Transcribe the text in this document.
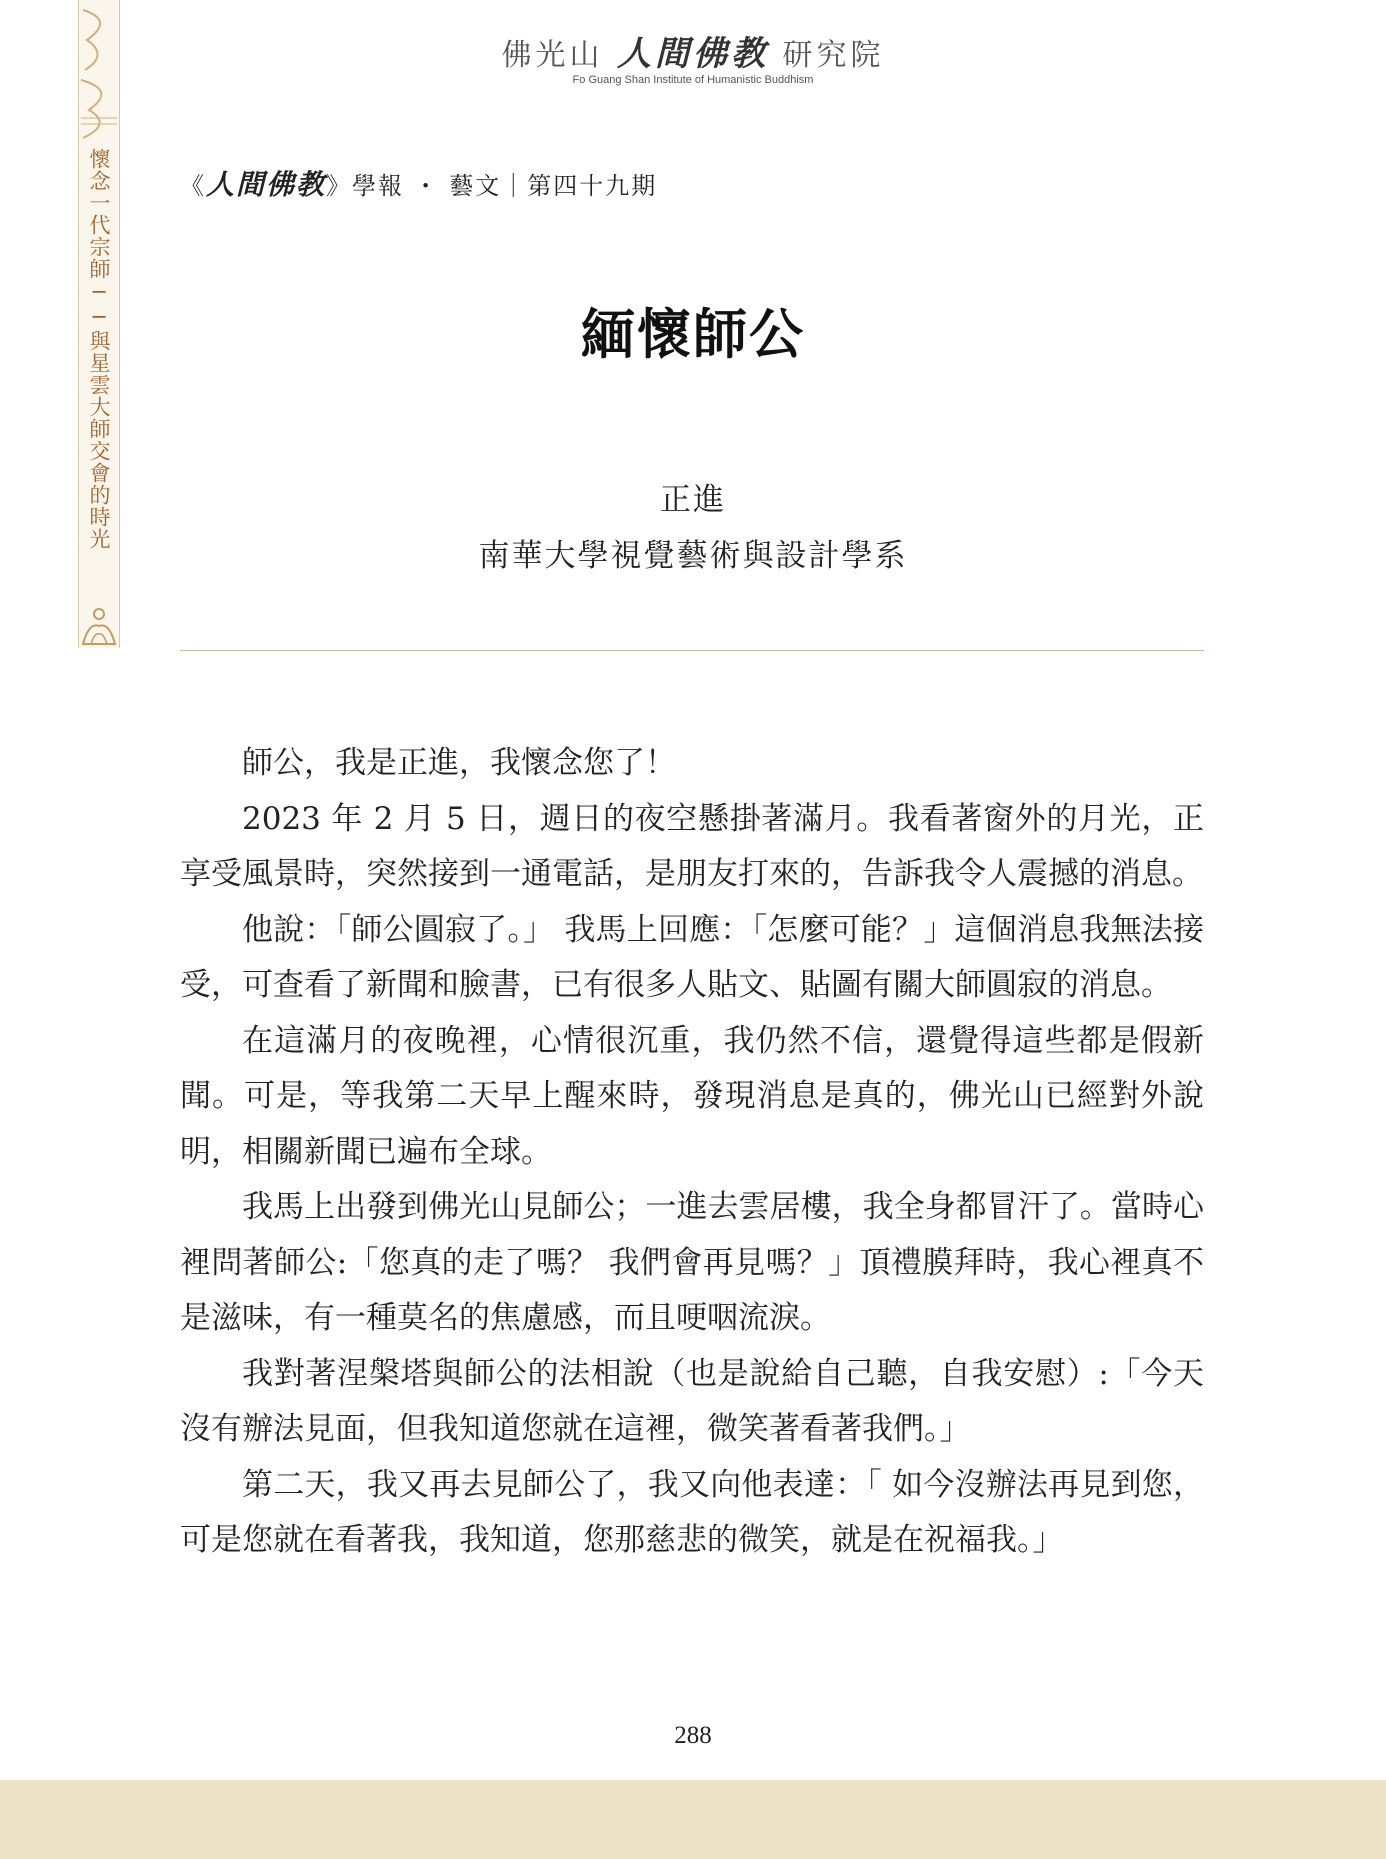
懷念一代宗師──與星雲大師交會的時光
佛光山 人間佛教 研究院
Fo Guang Shan Institute of Humanistic Buddhism
《人間佛教》學報 ・ 藝文｜第四十九期
緬懷師公
正進
南華大學視覺藝術與設計學系

師公，我是正進，我懷念您了！

2023 年 2 月 5 日，週日的夜空懸掛著滿月。我看著窗外的月光，正享受風景時，突然接到一通電話，是朋友打來的，告訴我令人震撼的消息。

他說：「師公圓寂了。」 我馬上回應：「怎麼可能？」這個消息我無法接受，可查看了新聞和臉書，已有很多人貼文、貼圖有關大師圓寂的消息。

在這滿月的夜晚裡，心情很沉重，我仍然不信，還覺得這些都是假新聞。可是，等我第二天早上醒來時，發現消息是真的，佛光山已經對外說明，相關新聞已遍布全球。

我馬上出發到佛光山見師公；一進去雲居樓，我全身都冒汗了。當時心裡問著師公:「您真的走了嗎？ 我們會再見嗎？」頂禮膜拜時，我心裡真不是滋味，有一種莫名的焦慮感，而且哽咽流淚。

我對著涅槃塔與師公的法相說（也是說給自己聽，自我安慰）:「今天沒有辦法見面，但我知道您就在這裡，微笑著看著我們。」

第二天，我又再去見師公了，我又向他表達：「 如今沒辦法再見到您，可是您就在看著我，我知道，您那慈悲的微笑，就是在祝福我。」

288
